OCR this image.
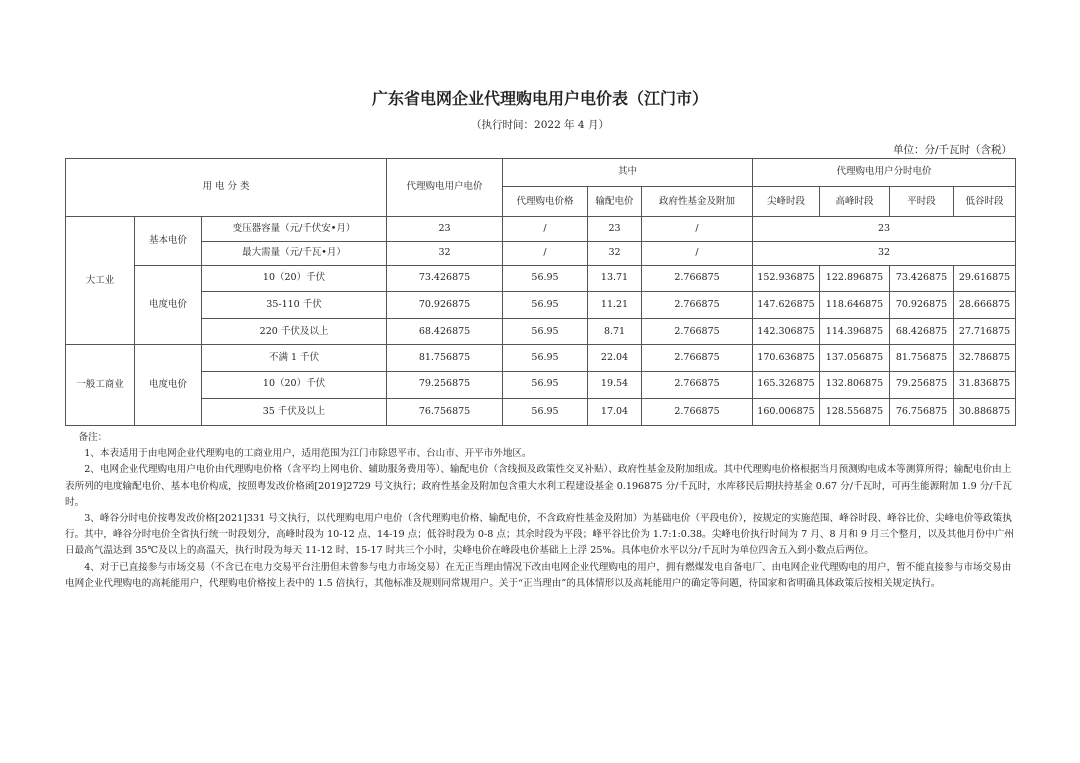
广东省电网企业代理购电用户电价表（江门市）
（执行时间：2022 年 4 月）
单位：分/千瓦时（含税）
用 电 分 类			代理购电用户电价	其中			代理购电用户分时电价			
				代理购电价格	输配电价	政府性基金及附加	尖峰时段	高峰时段	平时段	低谷时段
大工业	基本电价	变压器容量（元/千伏安•月）	23	/	23	/	23			
		最大需量（元/千瓦•月）	32	/	32	/	32			
	电度电价	10（20）千伏	73.426875	56.95	13.71	2.766875	152.936875	122.896875	73.426875	29.616875
		35-110 千伏	70.926875	56.95	11.21	2.766875	147.626875	118.646875	70.926875	28.666875
		220 千伏及以上	68.426875	56.95	8.71	2.766875	142.306875	114.396875	68.426875	27.716875
一般工商业	电度电价	不满 1 千伏	81.756875	56.95	22.04	2.766875	170.636875	137.056875	81.756875	32.786875
		10（20）千伏	79.256875	56.95	19.54	2.766875	165.326875	132.806875	79.256875	31.836875
		35 千伏及以上	76.756875	56.95	17.04	2.766875	160.006875	128.556875	76.756875	30.886875

备注：

1、本表适用于由电网企业代理购电的工商业用户，适用范围为江门市除恩平市、台山市、开平市外地区。

2、电网企业代理购电用户电价由代理购电价格（含平均上网电价、辅助服务费用等）、输配电价（含线损及政策性交叉补贴）、政府性基金及附加组成。其中代理购电价格根据当月预测购电成本等测算所得；输配电价由上表所列的电度输配电价、基本电价构成，按照粤发改价格函[2019]2729 号文执行；政府性基金及附加包含重大水利工程建设基金 0.196875 分/千瓦时，水库移民后期扶持基金 0.67 分/千瓦时，可再生能源附加 1.9 分/千瓦时。

3、峰谷分时电价按粤发改价格[2021]331 号文执行，以代理购电用户电价（含代理购电价格、输配电价，不含政府性基金及附加）为基础电价（平段电价），按规定的实施范围、峰谷时段、峰谷比价、尖峰电价等政策执行。其中，峰谷分时电价全省执行统一时段划分，高峰时段为 10-12 点、14-19 点；低谷时段为 0-8 点；其余时段为平段；峰平谷比价为 1.7:1:0.38。尖峰电价执行时间为 7 月、8 月和 9 月三个整月，以及其他月份中广州日最高气温达到 35℃及以上的高温天，执行时段为每天 11-12 时、15-17 时共三个小时，尖峰电价在峰段电价基础上上浮 25%。具体电价水平以分/千瓦时为单位四舍五入到小数点后两位。

4、对于已直接参与市场交易（不含已在电力交易平台注册但未曾参与电力市场交易）在无正当理由情况下改由电网企业代理购电的用户，拥有燃煤发电自备电厂、由电网企业代理购电的用户，暂不能直接参与市场交易由电网企业代理购电的高耗能用户，代理购电价格按上表中的 1.5 倍执行，其他标准及规则同常规用户。关于“正当理由”的具体情形以及高耗能用户的确定等问题，待国家和省明确具体政策后按相关规定执行。
